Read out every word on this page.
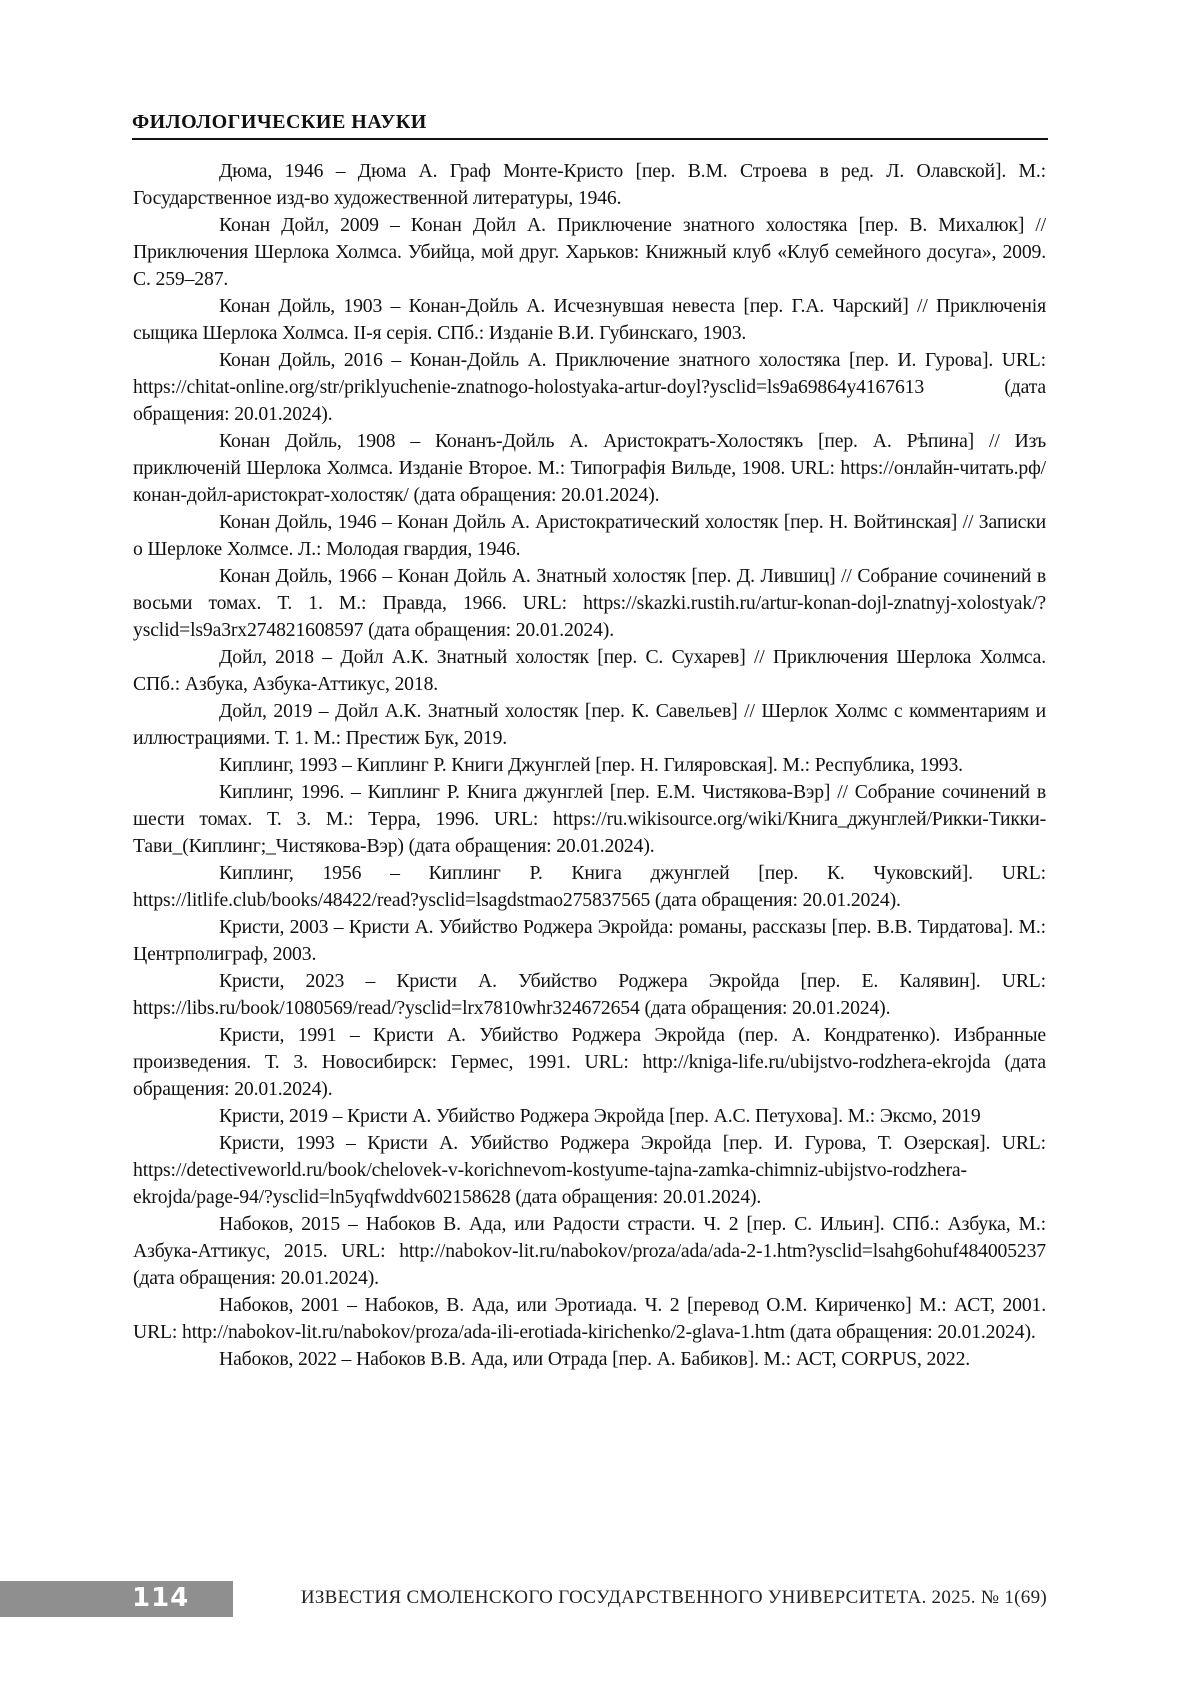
ФИЛОЛОГИЧЕСКИЕ НАУКИ
Дюма, 1946 – Дюма А. Граф Монте-Кристо [пер. В.М. Строева в ред. Л. Олавской]. М.: Государственное изд-во художественной литературы, 1946.
Конан Дойл, 2009 – Конан Дойл А. Приключение знатного холостяка [пер. В. Михалюк] // Приключения Шерлока Холмса. Убийца, мой друг. Харьков: Книжный клуб «Клуб семейного досуга», 2009. С. 259–287.
Конан Дойль, 1903 – Конан-Дойль А. Исчезнувшая невеста [пер. Г.А. Чарский] // Приключенія сыщика Шерлока Холмса. II-я серія. СПб.: Изданіе В.И. Губинскаго, 1903.
Конан Дойль, 2016 – Конан-Дойль А. Приключение знатного холостяка [пер. И. Гурова]. URL: https://chitat-online.org/str/priklyuchenie-znatnogo-holostyaka-artur-doyl?ysclid=ls9a69864y4167613 (дата обращения: 20.01.2024).
Конан Дойль, 1908 – Конанъ-Дойль А. Аристократъ-Холостякъ [пер. А. Рѣпина] // Изъ приключеній Шерлока Холмса. Изданіе Второе. М.: Типографія Вильде, 1908. URL: https://онлайн-читать.рф/конан-дойл-аристократ-холостяк/ (дата обращения: 20.01.2024).
Конан Дойль, 1946 – Конан Дойль А. Аристократический холостяк [пер. Н. Войтинская] // Записки о Шерлоке Холмсе. Л.: Молодая гвардия, 1946.
Конан Дойль, 1966 – Конан Дойль А. Знатный холостяк [пер. Д. Лившиц] // Собрание сочинений в восьми томах. Т. 1. М.: Правда, 1966. URL: https://skazki.rustih.ru/artur-konan-dojl-znatnyj-xolostyak/?ysclid=ls9a3rx274821608597 (дата обращения: 20.01.2024).
Дойл, 2018 – Дойл А.К. Знатный холостяк [пер. С. Сухарев] // Приключения Шерлока Холмса. СПб.: Азбука, Азбука-Аттикус, 2018.
Дойл, 2019 – Дойл А.К. Знатный холостяк [пер. К. Савельев] // Шерлок Холмс с комментариям и иллюстрациями. Т. 1. М.: Престиж Бук, 2019.
Киплинг, 1993 – Киплинг Р. Книги Джунглей [пер. Н. Гиляровская]. М.: Республика, 1993.
Киплинг, 1996. – Киплинг Р. Книга джунглей [пер. Е.М. Чистякова-Вэр] // Собрание сочинений в шести томах. Т. 3. М.: Терра, 1996. URL: https://ru.wikisource.org/wiki/Книга_джунглей/Рикки-Тикки-Тави_(Киплинг;_Чистякова-Вэр) (дата обращения: 20.01.2024).
Киплинг, 1956 – Киплинг Р. Книга джунглей [пер. К. Чуковский]. URL: https://litlife.club/books/48422/read?ysclid=lsagdstmao275837565 (дата обращения: 20.01.2024).
Кристи, 2003 – Кристи А. Убийство Роджера Экройда: романы, рассказы [пер. В.В. Тирдатова]. М.: Центрполиграф, 2003.
Кристи, 2023 – Кристи А. Убийство Роджера Экройда [пер. Е. Калявин]. URL: https://libs.ru/book/1080569/read/?ysclid=lrx7810whr324672654 (дата обращения: 20.01.2024).
Кристи, 1991 – Кристи А. Убийство Роджера Экройда (пер. А. Кондратенко). Избранные произведения. Т. 3. Новосибирск: Гермес, 1991. URL: http://kniga-life.ru/ubijstvo-rodzhera-ekrojda (дата обращения: 20.01.2024).
Кристи, 2019 – Кристи А. Убийство Роджера Экройда [пер. А.С. Петухова]. М.: Эксмо, 2019
Кристи, 1993 – Кристи А. Убийство Роджера Экройда [пер. И. Гурова, Т. Озерская]. URL: https://detectiveworld.ru/book/chelovek-v-korichnevom-kostyume-tajna-zamka-chimniz-ubijstvo-rodzhera-ekrojda/page-94/?ysclid=ln5yqfwddv602158628 (дата обращения: 20.01.2024).
Набоков, 2015 – Набоков В. Ада, или Радости страсти. Ч. 2 [пер. С. Ильин]. СПб.: Азбука, М.: Азбука-Аттикус, 2015. URL: http://nabokov-lit.ru/nabokov/proza/ada/ada-2-1.htm?ysclid=lsahg6ohuf484005237 (дата обращения: 20.01.2024).
Набоков, 2001 – Набоков, В. Ада, или Эротиада. Ч. 2 [перевод О.М. Кириченко] М.: АСТ, 2001. URL: http://nabokov-lit.ru/nabokov/proza/ada-ili-erotiada-kirichenko/2-glava-1.htm (дата обращения: 20.01.2024).
Набоков, 2022 – Набоков В.В. Ада, или Отрада [пер. А. Бабиков]. М.: АСТ, CORPUS, 2022.
114	ИЗВЕСТИЯ СМОЛЕНСКОГО ГОСУДАРСТВЕННОГО УНИВЕРСИТЕТА. 2025. № 1(69)
